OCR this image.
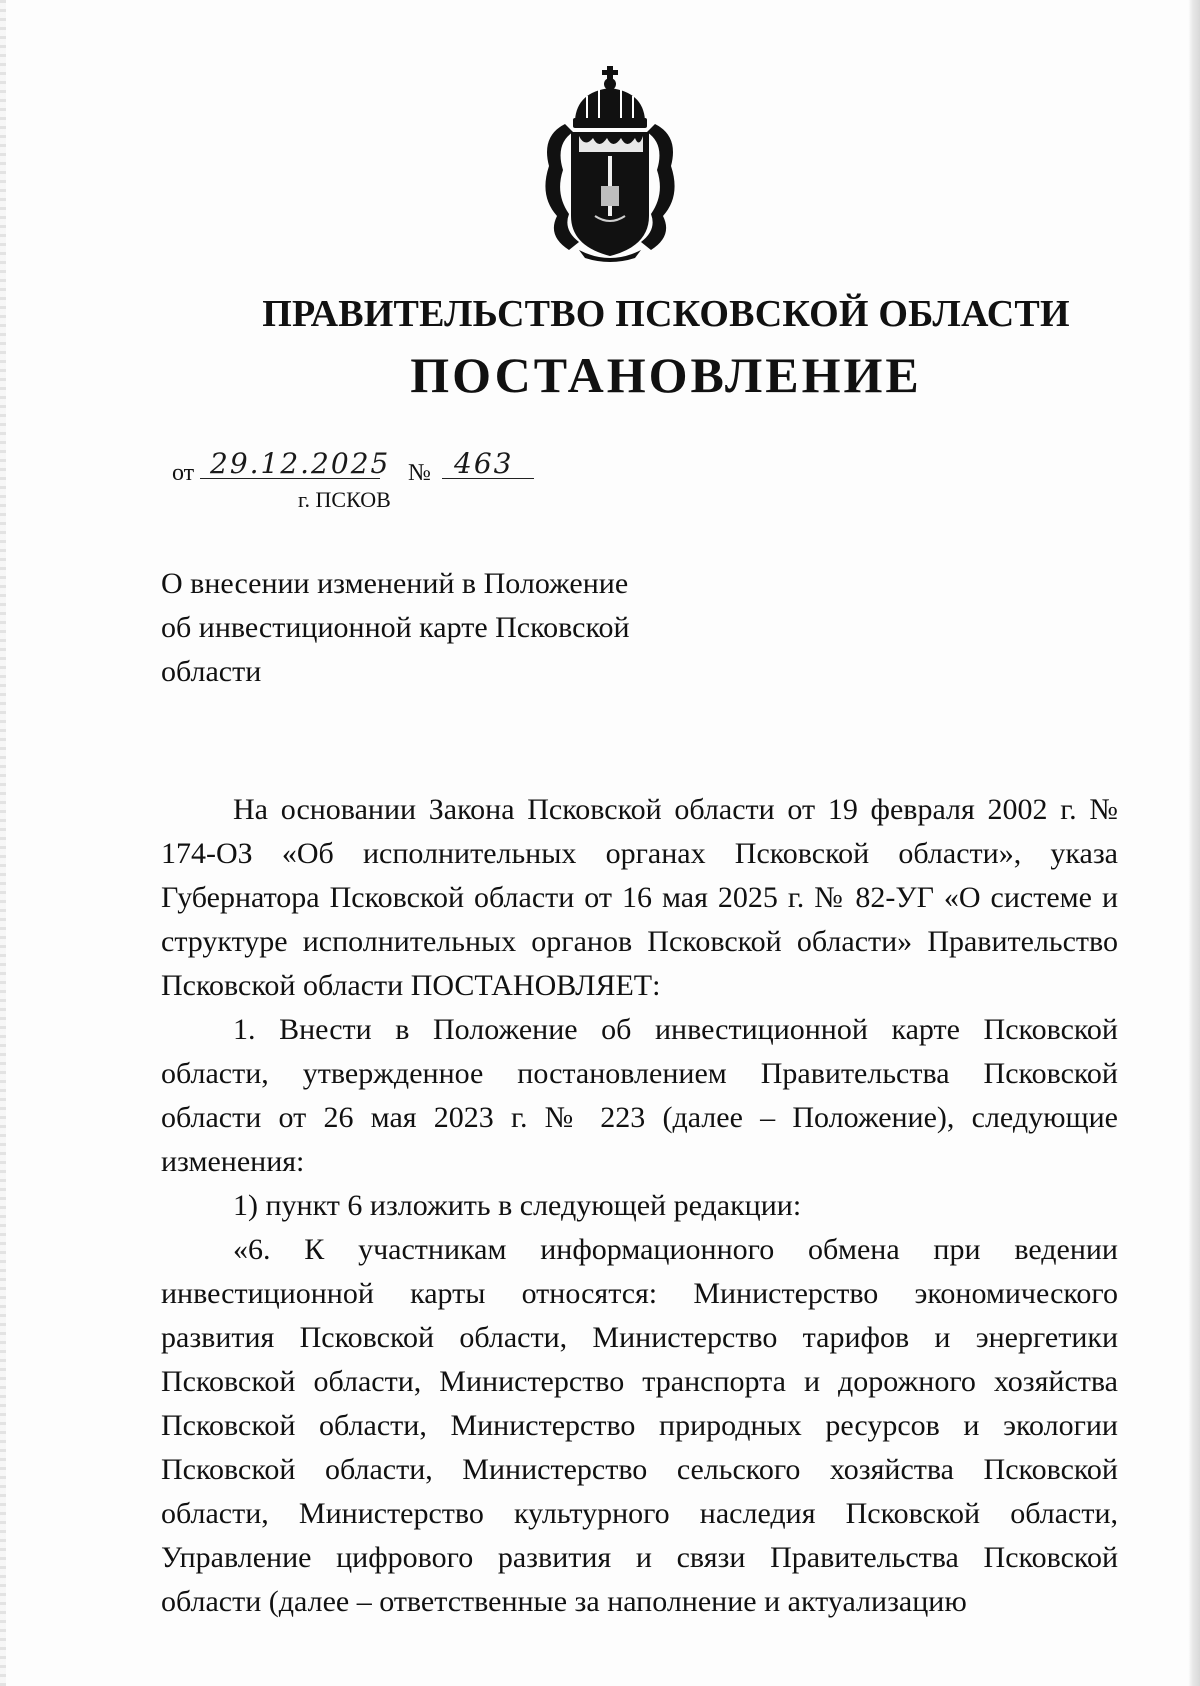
ПРАВИТЕЛЬСТВО ПСКОВСКОЙ ОБЛАСТИ
ПОСТАНОВЛЕНИЕ
от 29.12.2025 № 463
г. ПСКОВ
О внесении изменений в Положение
об инвестиционной карте Псковской
области

На основании Закона Псковской области от 19 февраля 2002 г. № 174-ОЗ «Об исполнительных органах Псковской области», указа Губернатора Псковской области от 16 мая 2025 г. № 82-УГ «О системе и структуре исполнительных органов Псковской области» Правительство Псковской области ПОСТАНОВЛЯЕТ:

1. Внести в Положение об инвестиционной карте Псковской области, утвержденное постановлением Правительства Псковской области от 26 мая 2023 г. № 223 (далее – Положение), следующие изменения:

1) пункт 6 изложить в следующей редакции:

«6. К участникам информационного обмена при ведении инвестиционной карты относятся: Министерство экономического развития Псковской области, Министерство тарифов и энергетики Псковской области, Министерство транспорта и дорожного хозяйства Псковской области, Министерство природных ресурсов и экологии Псковской области, Министерство сельского хозяйства Псковской области, Министерство культурного наследия Псковской области, Управление цифрового развития и связи Правительства Псковской области (далее – ответственные за наполнение и актуализацию
